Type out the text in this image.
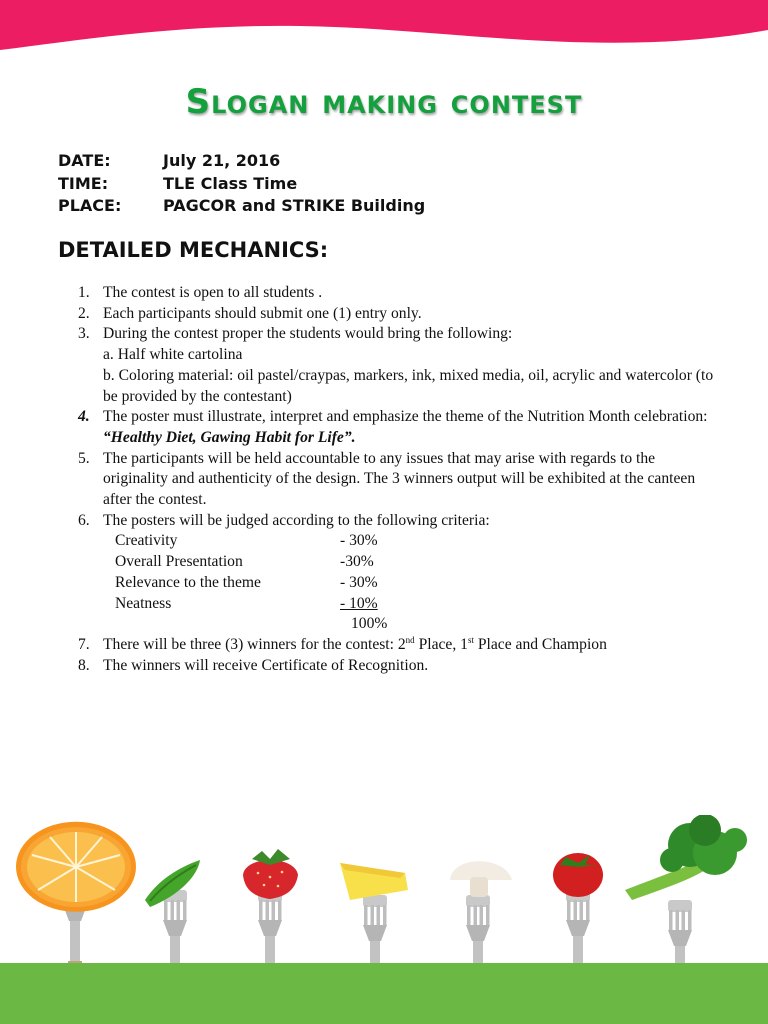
Slogan making contest
DATE:	July 21, 2016
TIME:	TLE Class Time
PLACE:	PAGCOR and STRIKE Building
DETAILED MECHANICS:
1. The contest is open to all students .
2. Each participants should submit one (1) entry only.
3. During the contest proper the students would bring the following:
a. Half white cartolina
b. Coloring material: oil pastel/craypas, markers, ink, mixed media, oil, acrylic and watercolor (to be provided by the contestant)
4. The poster must illustrate, interpret and emphasize the theme of the Nutrition Month celebration: “Healthy Diet, Gawing Habit for Life”.
5. The participants will be held accountable to any issues that may arise with regards to the originality and authenticity of the design. The 3 winners output will be exhibited at the canteen after the contest.
6. The posters will be judged according to the following criteria:
Creativity	- 30%
Overall Presentation	-30%
Relevance to the theme	- 30%
Neatness	- 10%
100%
7. There will be three (3) winners for the contest: 2nd Place, 1st Place and Champion
8. The winners will receive Certificate of Recognition.
